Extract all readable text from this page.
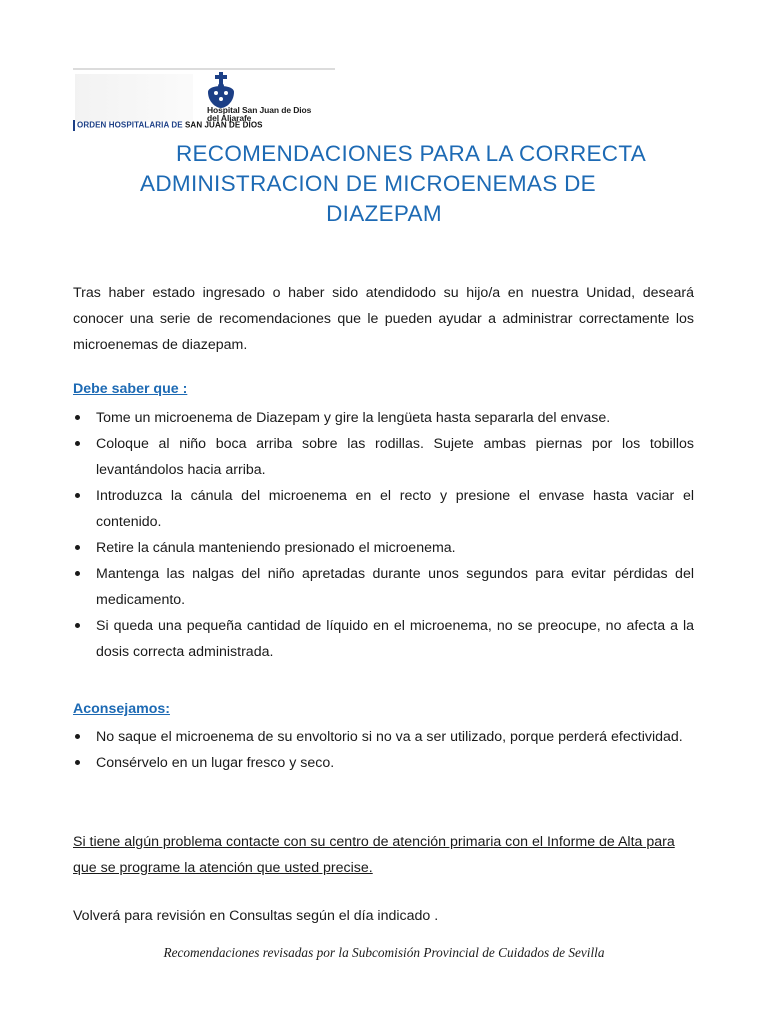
Hospital San Juan de Dios
del Aljarafe
ORDEN HOSPITALARIA DE SAN JUAN DE DIOS
RECOMENDACIONES PARA LA CORRECTA
ADMINISTRACION DE MICROENEMAS DE
DIAZEPAM
Tras haber estado ingresado o haber sido atendidodo su hijo/a en nuestra Unidad, deseará conocer una serie de recomendaciones que le pueden ayudar a administrar correctamente los microenemas de diazepam.
Debe saber que :
Tome un microenema de Diazepam y gire la lengüeta hasta separarla del envase.
Coloque al niño boca arriba sobre las rodillas. Sujete ambas piernas por los tobillos levantándolos hacia arriba.
Introduzca la cánula del microenema en el recto y presione el envase hasta vaciar el contenido.
Retire la cánula manteniendo presionado el microenema.
Mantenga las nalgas del niño apretadas durante unos segundos para evitar pérdidas del medicamento.
Si queda una pequeña cantidad de líquido en el microenema, no se preocupe, no afecta a la dosis correcta administrada.
Aconsejamos:
No saque el microenema de su envoltorio si no va a ser utilizado, porque perderá efectividad.
Consérvelo en un lugar fresco y seco.
Si tiene algún problema contacte con su centro de atención primaria con el Informe de Alta para que se programe la atención que usted precise.
Volverá para revisión en Consultas según el día indicado .
Recomendaciones revisadas por la Subcomisión Provincial de Cuidados de Sevilla
